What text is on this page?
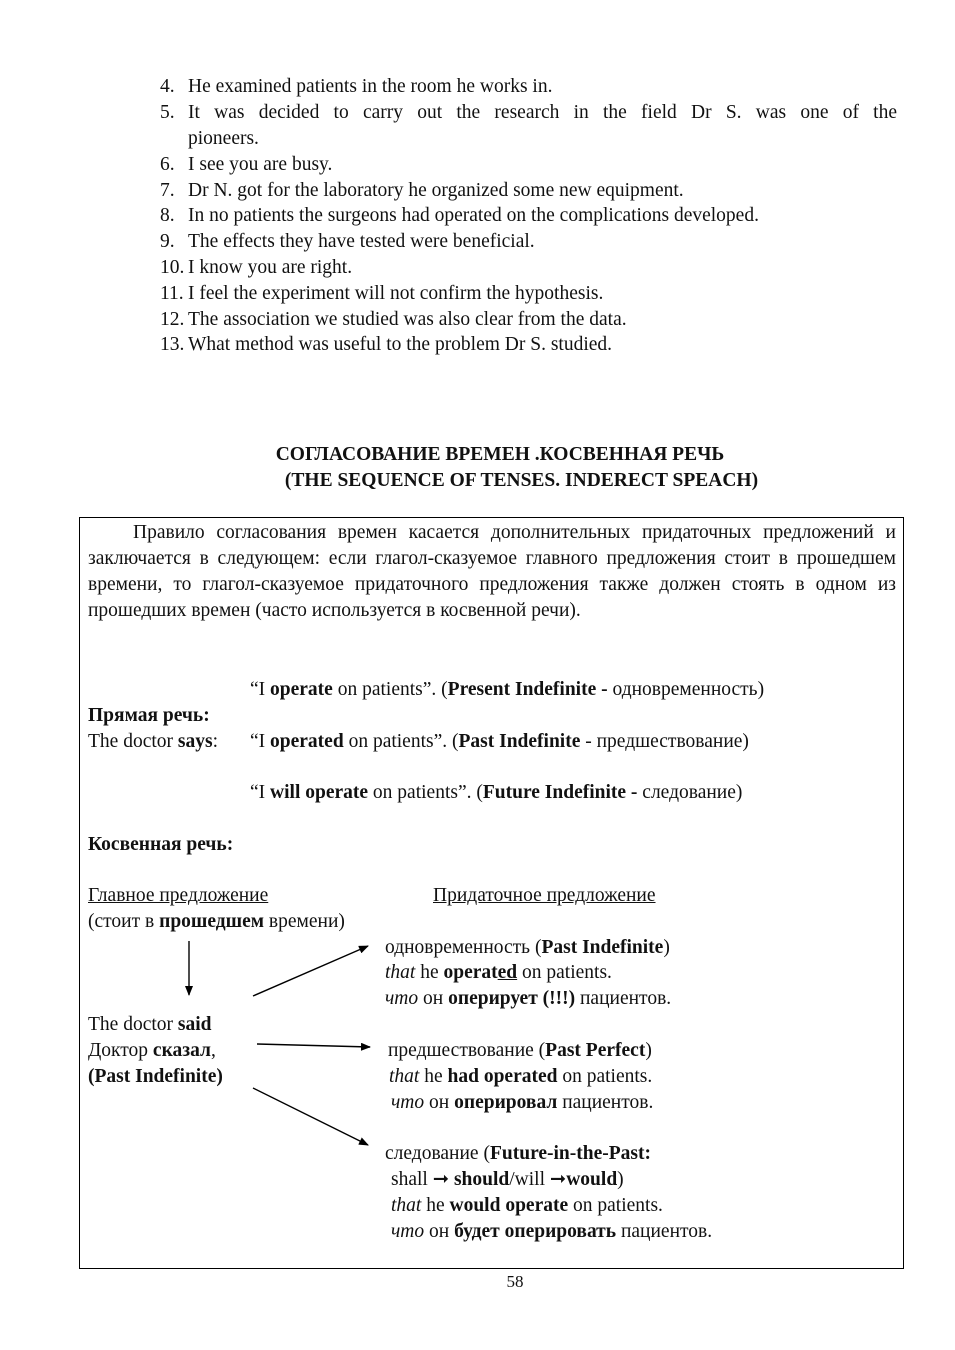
4. He examined patients in the room he works in.
5. It was decided to carry out the research in the field Dr S. was one of the
pioneers.
6. I see you are busy.
7. Dr N. got for the laboratory he organized some new equipment.
8. In no patients the surgeons had operated on the complications developed.
9. The effects they have tested were beneficial.
10. I know you are right.
11. I feel the experiment will not confirm the hypothesis.
12. The association we studied was also clear from the data.
13. What method was useful to the problem Dr S. studied.
СОГЛАСОВАНИЕ ВРЕМЕН .КОСВЕННАЯ РЕЧЬ
(THE SEQUENCE OF TENSES. INDERECT SPEACH)
Правило согласования времен касается дополнительных придаточных предложений и заключается в следующем: если глагол-сказуемое главного предложения стоит в прошедшем времени, то глагол-сказуемое придаточного предложения также должен стоять в одном из прошедших времен (часто используется в косвенной речи).
“I operate on patients”. (Present Indefinite - одновременность)
Прямая речь:
The doctor says: “I operated on patients”. (Past Indefinite - предшествование)
“I will operate on patients”. (Future Indefinite - следование)
Косвенная речь:
Главное предложение	Придаточное предложение
(стоит в прошедшем времени)
The doctor said
Доктор сказал,
(Past Indefinite)
одновременность (Past Indefinite)
that he operated on patients.
что он оперирует (!!!) пациентов.
предшествование (Past Perfect)
that he had operated on patients.
что он оперировал пациентов.
следование (Future-in-the-Past:
shall ➞ should/will ➞would)
that he would operate on patients.
что он будет оперировать пациентов.
58
